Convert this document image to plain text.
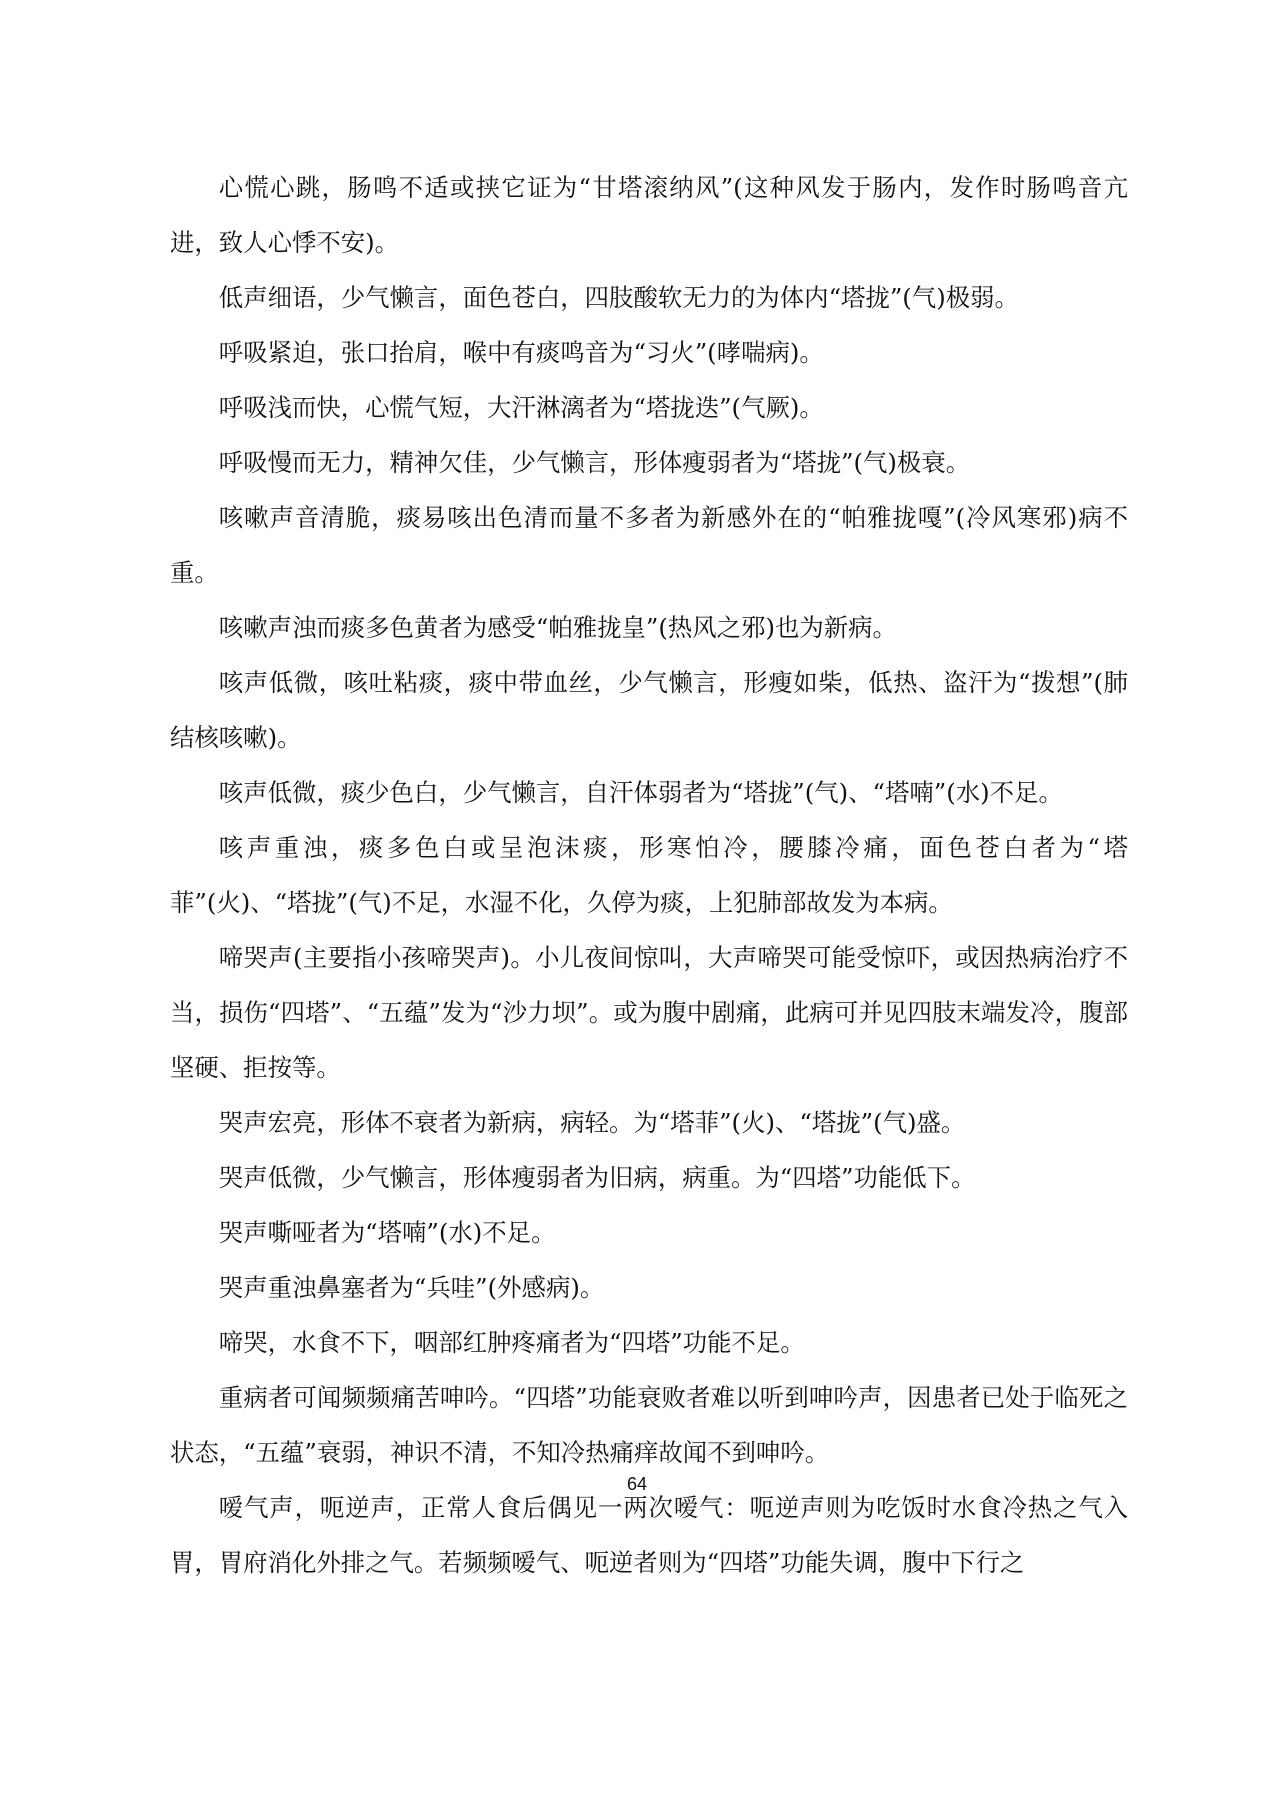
心慌心跳，肠鸣不适或挟它证为“甘塔滚纳风”(这种风发于肠内，发作时肠鸣音亢进，致人心悸不安)。

低声细语，少气懒言，面色苍白，四肢酸软无力的为体内“塔拢”(气)极弱。

呼吸紧迫，张口抬肩，喉中有痰鸣音为“习火”(哮喘病)。

呼吸浅而快，心慌气短，大汗淋漓者为“塔拢迭”(气厥)。

呼吸慢而无力，精神欠佳，少气懒言，形体瘦弱者为“塔拢”(气)极衰。

咳嗽声音清脆，痰易咳出色清而量不多者为新感外在的“帕雅拢嘎”(冷风寒邪)病不重。

咳嗽声浊而痰多色黄者为感受“帕雅拢皇”(热风之邪)也为新病。

咳声低微，咳吐粘痰，痰中带血丝，少气懒言，形瘦如柴，低热、盗汗为“拨想”(肺结核咳嗽)。

咳声低微，痰少色白，少气懒言，自汗体弱者为“塔拢”(气)、“塔喃”(水)不足。

咳声重浊，痰多色白或呈泡沫痰，形寒怕冷，腰膝冷痛，面色苍白者为“塔菲”(火)、“塔拢”(气)不足，水湿不化，久停为痰，上犯肺部故发为本病。

啼哭声(主要指小孩啼哭声)。小儿夜间惊叫，大声啼哭可能受惊吓，或因热病治疗不当，损伤“四塔”、“五蕴”发为“沙力坝”。或为腹中剧痛，此病可并见四肢末端发冷，腹部坚硬、拒按等。

哭声宏亮，形体不衰者为新病，病轻。为“塔菲”(火)、“塔拢”(气)盛。

哭声低微，少气懒言，形体瘦弱者为旧病，病重。为“四塔”功能低下。

哭声嘶哑者为“塔喃”(水)不足。

哭声重浊鼻塞者为“兵哇”(外感病)。

啼哭，水食不下，咽部红肿疼痛者为“四塔”功能不足。

重病者可闻频频痛苦呻吟。“四塔”功能衰败者难以听到呻吟声，因患者已处于临死之状态，“五蕴”衰弱，神识不清，不知冷热痛痒故闻不到呻吟。

嗳气声，呃逆声，正常人食后偶见一两次嗳气：呃逆声则为吃饭时水食冷热之气入胃，胃府消化外排之气。若频频嗳气、呃逆者则为“四塔”功能失调，腹中下行之

64
